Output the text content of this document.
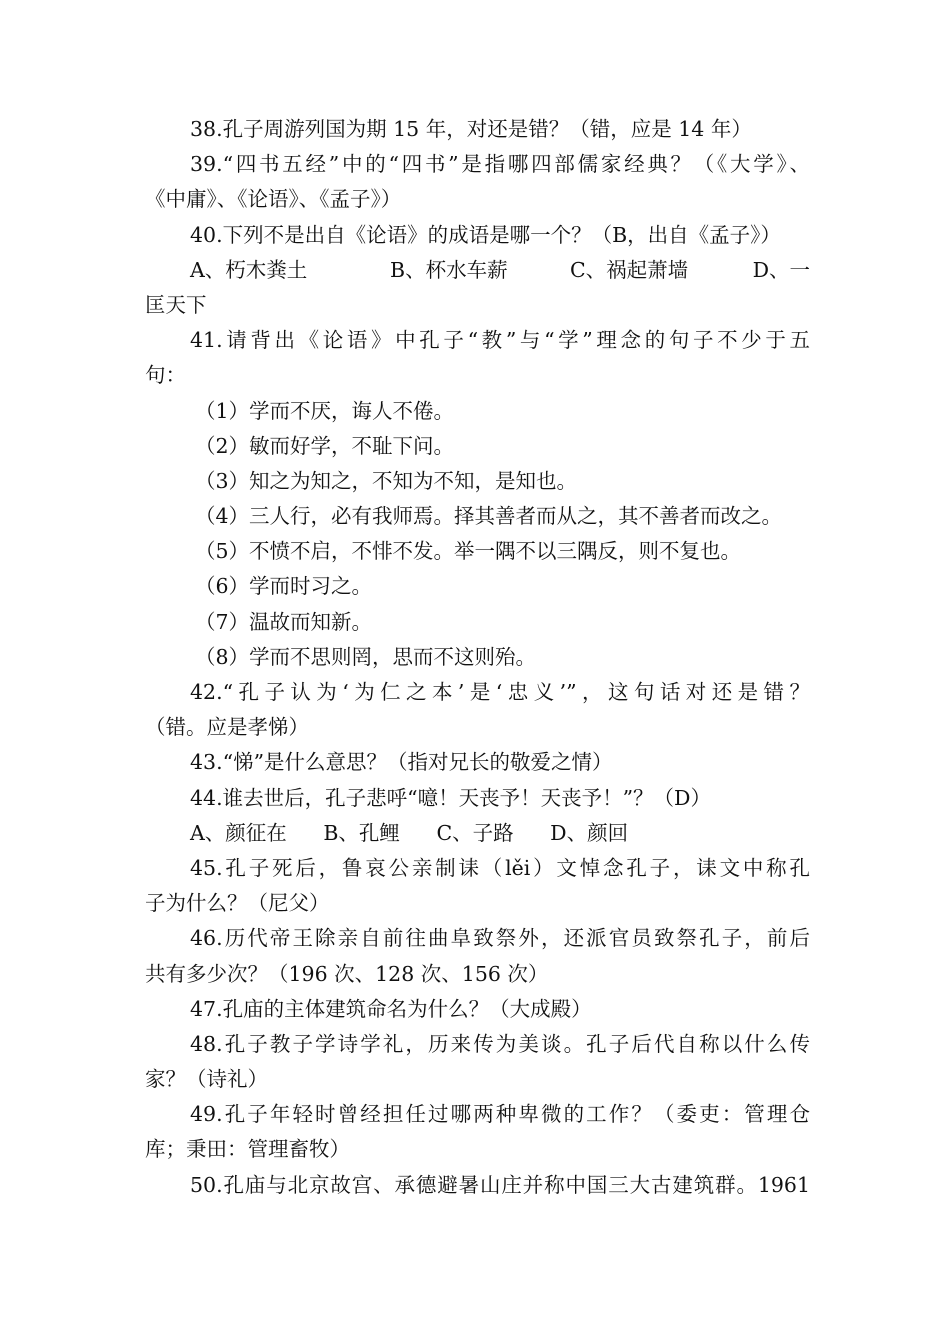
38.孔子周游列国为期 15 年，对还是错？（错，应是 14 年）
39.“四书五经”中的“四书”是指哪四部儒家经典？（《大学》、
《中庸》、《论语》、《孟子》）
40.下列不是出自《论语》的成语是哪一个？（B，出自《孟子》）
A、朽木粪土	B、杯水车薪	C、祸起萧墙	D、一
匡天下
41.请背出《论语》中孔子“教”与“学”理念的句子不少于五
句：
（1）学而不厌，诲人不倦。
（2）敏而好学，不耻下问。
（3）知之为知之，不知为不知，是知也。
（4）三人行，必有我师焉。择其善者而从之，其不善者而改之。
（5）不愤不启，不悱不发。举一隅不以三隅反，则不复也。
（6）学而时习之。
（7）温故而知新。
（8）学而不思则罔，思而不这则殆。
42.“孔子认为‘为仁之本’是‘忠义’”，这句话对还是错？
（错。应是孝悌）
43.“悌”是什么意思？（指对兄长的敬爱之情）
44.谁去世后，孔子悲呼“噫！天丧予！天丧予！”？（D）
A、颜征在 B、孔鲤 C、子路 D、颜回
45.孔子死后，鲁哀公亲制诔（lěi）文悼念孔子，诔文中称孔
子为什么？（尼父）
46.历代帝王除亲自前往曲阜致祭外，还派官员致祭孔子，前后
共有多少次？（196 次、128 次、156 次）
47.孔庙的主体建筑命名为什么？（大成殿）
48.孔子教子学诗学礼，历来传为美谈。孔子后代自称以什么传
家？（诗礼）
49.孔子年轻时曾经担任过哪两种卑微的工作？（委吏：管理仓
库；秉田：管理畜牧）
50.孔庙与北京故宫、承德避暑山庄并称中国三大古建筑群。1961
